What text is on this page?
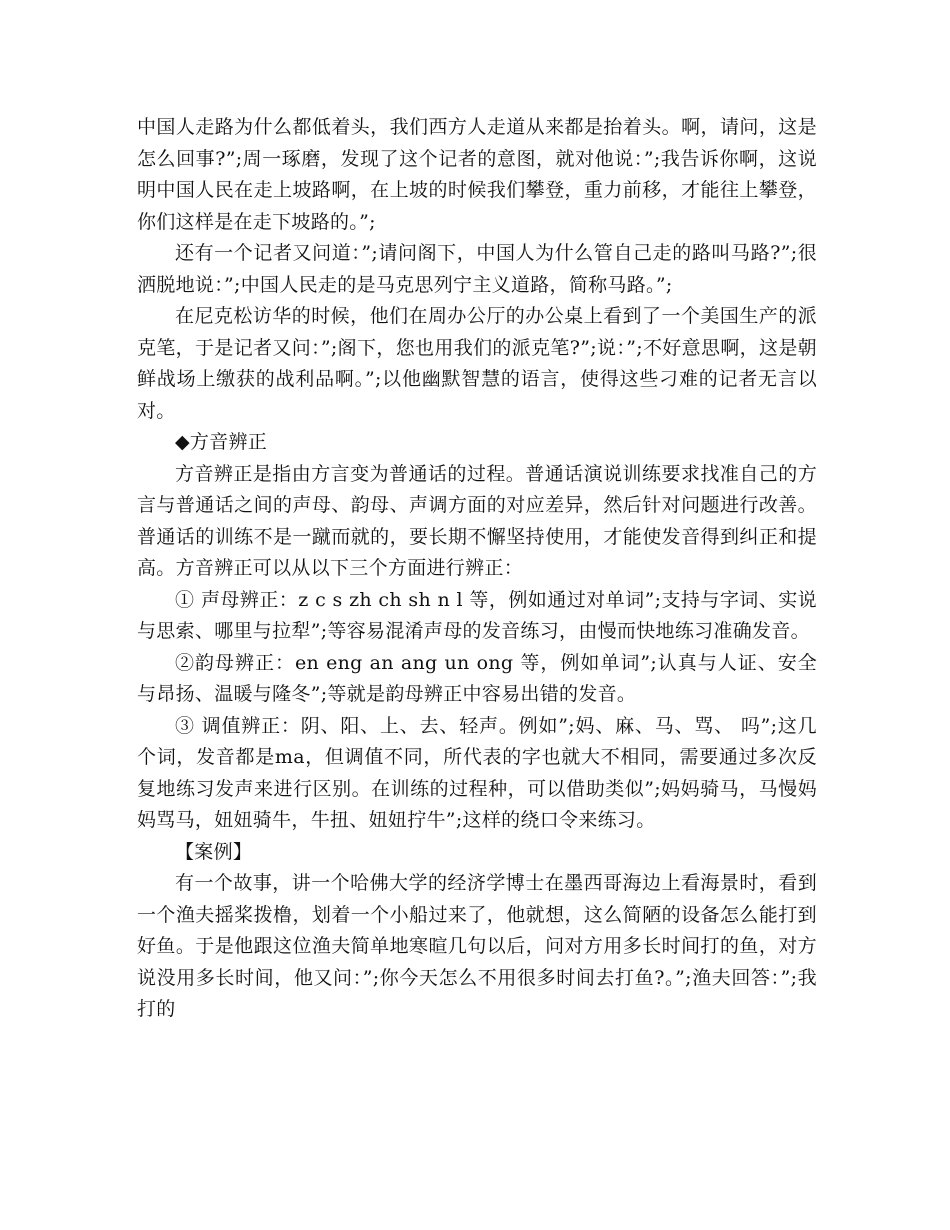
中国人走路为什么都低着头，我们西方人走道从来都是抬着头。啊，请问，这是怎么回事?”;周一琢磨，发现了这个记者的意图，就对他说：”;我告诉你啊，这说明中国人民在走上坡路啊，在上坡的时候我们攀登，重力前移，才能往上攀登，你们这样是在走下坡路的。”;

还有一个记者又问道：”;请问阁下，中国人为什么管自己走的路叫马路?”;很洒脱地说：”;中国人民走的是马克思列宁主义道路，简称马路。”;

在尼克松访华的时候，他们在周办公厅的办公桌上看到了一个美国生产的派克笔，于是记者又问：”;阁下，您也用我们的派克笔?”;说：”;不好意思啊，这是朝鲜战场上缴获的战利品啊。”;以他幽默智慧的语言，使得这些刁难的记者无言以对。

◆方音辨正

方音辨正是指由方言变为普通话的过程。普通话演说训练要求找准自己的方言与普通话之间的声母、韵母、声调方面的对应差异，然后针对问题进行改善。普通话的训练不是一蹴而就的，要长期不懈坚持使用，才能使发音得到纠正和提高。方音辨正可以从以下三个方面进行辨正：

① 声母辨正：z c s zh ch sh n l 等，例如通过对单词”;支持与字词、实说与思索、哪里与拉犁”;等容易混淆声母的发音练习，由慢而快地练习准确发音。

②韵母辨正：en eng an ang un ong 等，例如单词”;认真与人证、安全与昂扬、温暖与隆冬”;等就是韵母辨正中容易出错的发音。

③ 调值辨正：阴、阳、上、去、轻声。例如”;妈、麻、马、骂、 吗”;这几个词，发音都是ma，但调值不同，所代表的字也就大不相同，需要通过多次反复地练习发声来进行区别。在训练的过程种，可以借助类似”;妈妈骑马，马慢妈妈骂马，妞妞骑牛，牛扭、妞妞拧牛”;这样的绕口令来练习。

【案例】

有一个故事，讲一个哈佛大学的经济学博士在墨西哥海边上看海景时，看到一个渔夫摇桨拨橹，划着一个小船过来了，他就想，这么简陋的设备怎么能打到好鱼。于是他跟这位渔夫简单地寒暄几句以后，问对方用多长时间打的鱼，对方说没用多长时间，他又问：”;你今天怎么不用很多时间去打鱼?。”;渔夫回答：”;我打的
